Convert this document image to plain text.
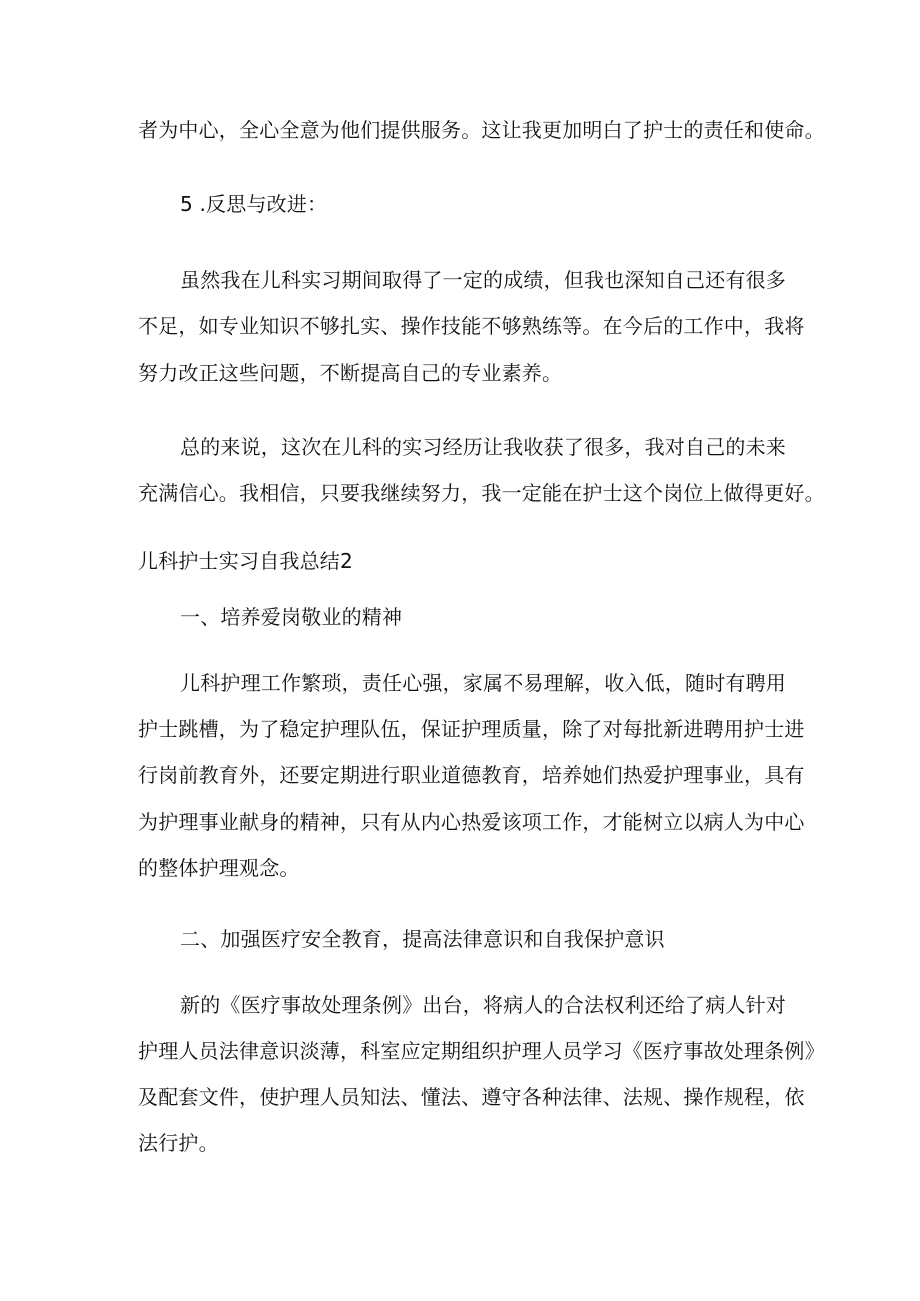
者为中心，全心全意为他们提供服务。这让我更加明白了护士的责任和使命。
5 .反思与改进：
虽然我在儿科实习期间取得了一定的成绩，但我也深知自己还有很多
不足，如专业知识不够扎实、操作技能不够熟练等。在今后的工作中，我将
努力改正这些问题，不断提高自己的专业素养。
总的来说，这次在儿科的实习经历让我收获了很多，我对自己的未来
充满信心。我相信，只要我继续努力，我一定能在护士这个岗位上做得更好。
儿科护士实习自我总结2
一、培养爱岗敬业的精神
儿科护理工作繁琐，责任心强，家属不易理解，收入低，随时有聘用
护士跳槽，为了稳定护理队伍，保证护理质量，除了对每批新进聘用护士进
行岗前教育外，还要定期进行职业道德教育，培养她们热爱护理事业，具有
为护理事业献身的精神，只有从内心热爱该项工作，才能树立以病人为中心
的整体护理观念。
二、加强医疗安全教育，提高法律意识和自我保护意识
新的《医疗事故处理条例》出台，将病人的合法权利还给了病人针对
护理人员法律意识淡薄，科室应定期组织护理人员学习《医疗事故处理条例》
及配套文件，使护理人员知法、懂法、遵守各种法律、法规、操作规程，依
法行护。
